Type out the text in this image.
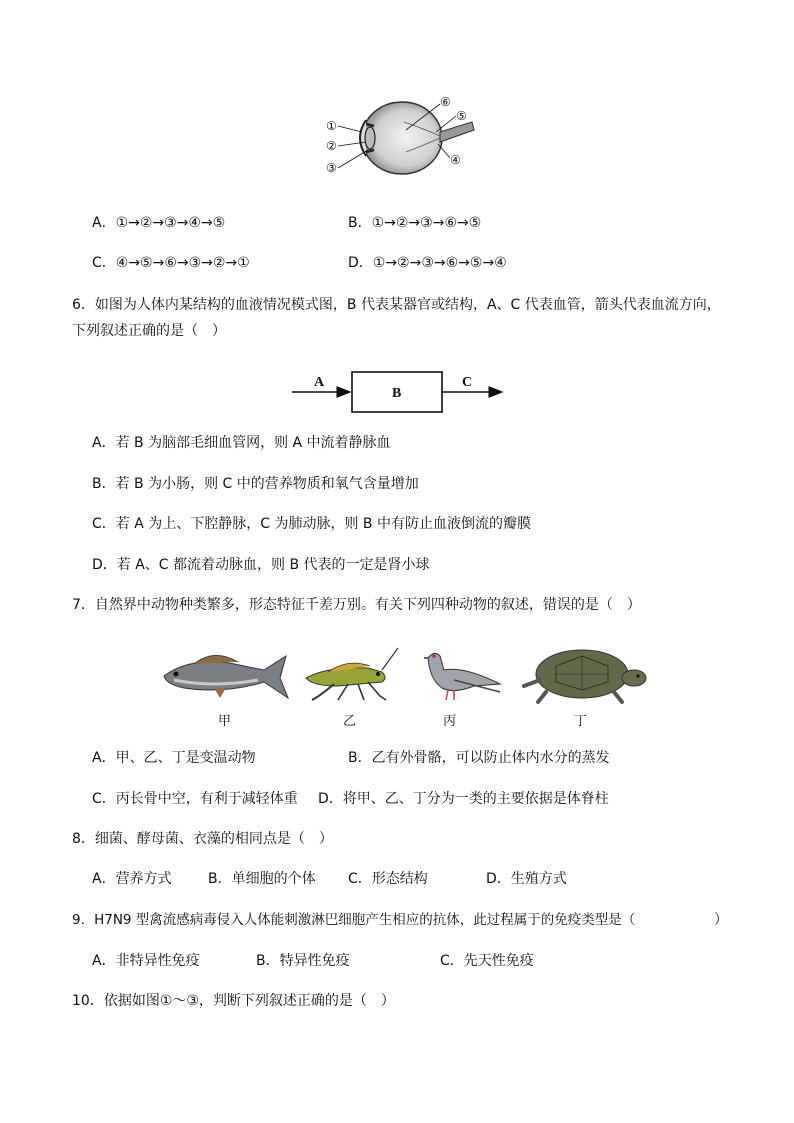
①
②
③
⑥
⑤
④
A．①→②→③→④→⑤	B．①→②→③→⑥→⑤
C．④→⑤→⑥→③→②→①	D．①→②→③→⑥→⑤→④
6．如图为人体内某结构的血液情况模式图，B 代表某器官或结构，A、C 代表血管，箭头代表血流方向，
下列叙述正确的是（　）
A
B
C
A．若 B 为脑部毛细血管网，则 A 中流着静脉血
B．若 B 为小肠，则 C 中的营养物质和氧气含量增加
C．若 A 为上、下腔静脉，C 为肺动脉，则 B 中有防止血液倒流的瓣膜
D．若 A、C 都流着动脉血，则 B 代表的一定是肾小球
7．自然界中动物种类繁多，形态特征千差万别。有关下列四种动物的叙述，错误的是（　）
甲	乙	丙	丁
A．甲、乙、丁是变温动物	B．乙有外骨骼，可以防止体内水分的蒸发
C．丙长骨中空，有利于减轻体重 D．将甲、乙、丁分为一类的主要依据是体脊柱
8．细菌、酵母菌、衣藻的相同点是（　）
A．营养方式	B．单细胞的个体 C．形态结构	D．生殖方式
9．H7N9 型禽流感病毒侵入人体能刺激淋巴细胞产生相应的抗体，此过程属于的免疫类型是（	）
A．非特异性免疫	B．特异性免疫	C．先天性免疫
10．依据如图①～③，判断下列叙述正确的是（　）
